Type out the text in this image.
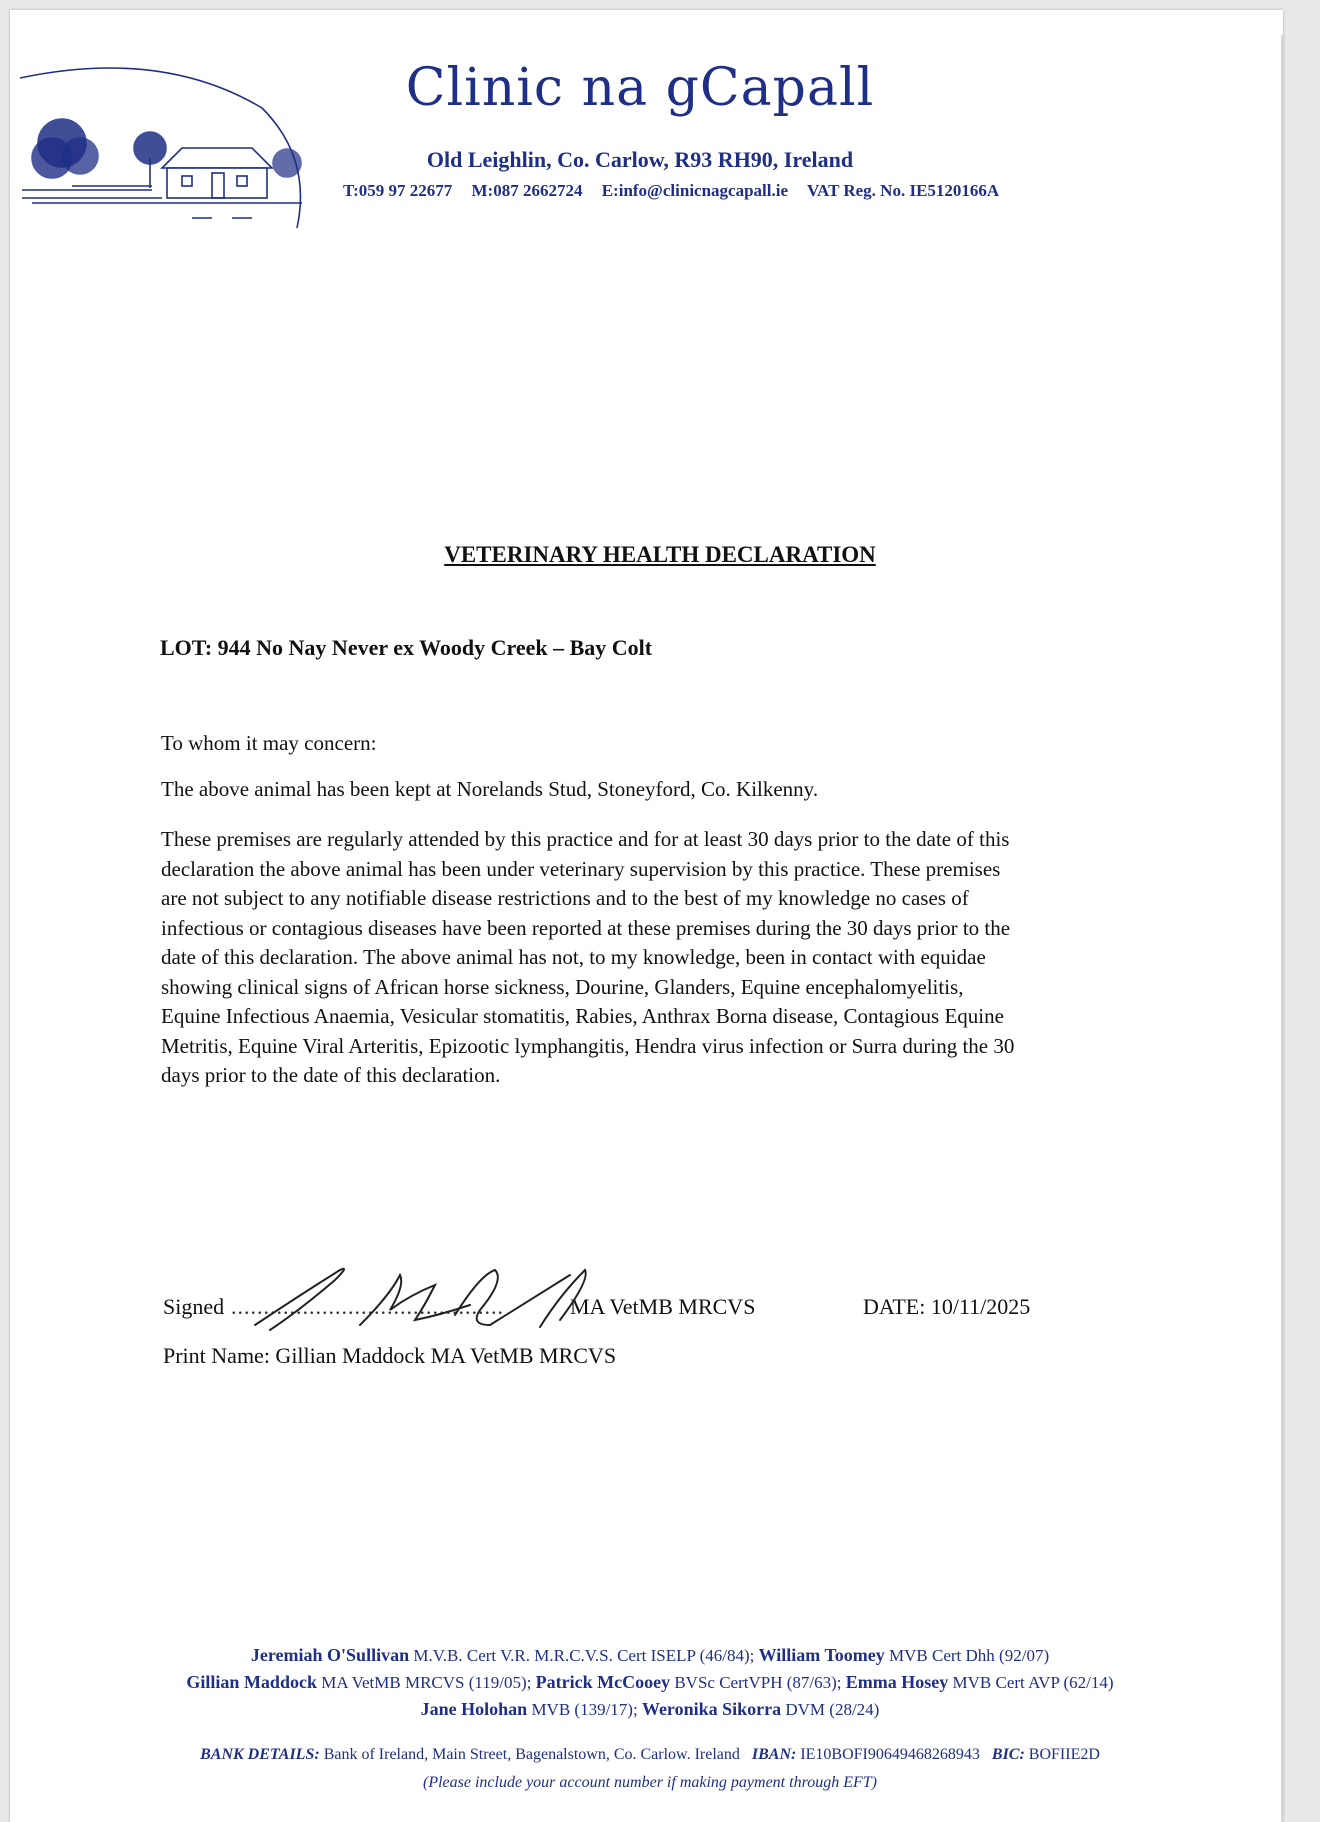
Clinic na gCapall
Old Leighlin, Co. Carlow, R93 RH90, Ireland
T:059 97 22677 M:087 2662724 E:info@clinicnagcapall.ie VAT Reg. No. IE5120166A
VETERINARY HEALTH DECLARATION
LOT: 944 No Nay Never ex Woody Creek – Bay Colt
To whom it may concern:
The above animal has been kept at Norelands Stud, Stoneyford, Co. Kilkenny.
These premises are regularly attended by this practice and for at least 30 days prior to the date of this
declaration the above animal has been under veterinary supervision by this practice. These premises
are not subject to any notifiable disease restrictions and to the best of my knowledge no cases of
infectious or contagious diseases have been reported at these premises during the 30 days prior to the
date of this declaration. The above animal has not, to my knowledge, been in contact with equidae
showing clinical signs of African horse sickness, Dourine, Glanders, Equine encephalomyelitis,
Equine Infectious Anaemia, Vesicular stomatitis, Rabies, Anthrax Borna disease, Contagious Equine
Metritis, Equine Viral Arteritis, Epizootic lymphangitis, Hendra virus infection or Surra during the 30
days prior to the date of this declaration.
Signed ..........................................	MA VetMB MRCVS	DATE: 10/11/2025
Print Name: Gillian Maddock MA VetMB MRCVS
Jeremiah O'Sullivan M.V.B. Cert V.R. M.R.C.V.S. Cert ISELP (46/84); William Toomey MVB Cert Dhh (92/07)
Gillian Maddock MA VetMB MRCVS (119/05); Patrick McCooey BVSc CertVPH (87/63); Emma Hosey MVB Cert AVP (62/14)
Jane Holohan MVB (139/17); Weronika Sikorra DVM (28/24)
BANK DETAILS: Bank of Ireland, Main Street, Bagenalstown, Co. Carlow. Ireland IBAN: IE10BOFI90649468268943 BIC: BOFIIE2D
(Please include your account number if making payment through EFT)
